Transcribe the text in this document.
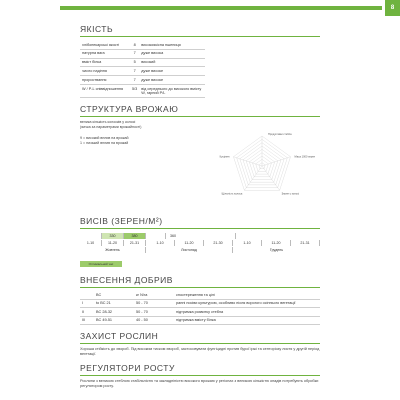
8
ЯКІСТЬ
хлібопекарські якості	8	високоякісна пшениця
натурна вага	7	дуже висока
вміст білка	5	високий
число падіння	7	дуже високе
пророствання	7	дуже високе
W / P-L співвідношення	5/3	від середнього до високого вмісту W, гарний P/L
СТРУКТУРА ВРОЖАЮ
велика кількість колосків у колосі
(яичка за параметрами врожайності)
9 = високий вплив на врожай
1 = низький вплив на врожай
Продуктивні стебла
Маса 1000 зерен
Зерен у колосі
Щільність колоса
Кущіння
ВИСІВ (ЗЕРЕН/М²)
330	380	360
1-10	11-20	21-31	1-10	11-20	21-30	1-10	11-20	21-31
Жовтень	Листопад	Грудень
Оптимальний час
ВНЕСЕННЯ ДОБРИВ
	BC	кг N/га	спостереження та цілі
I	to BC 21	50 - 70	ранні посіви культурою, особливо після ворогого осіннього вегетації
II	BC 28-32	50 - 70	підтримка розвитку стебла
III	BC 49-51	40 - 50	підтримка вмісту білка
ЗАХИСТ РОСЛИН
Хороша стійкість до хвороб. Під високим тиском хвороб, застосовувати фунгіцидні против бурої іржі та септоріозу листя у другій період вегетації.
РЕГУЛЯТОРИ РОСТУ
Рослини з великою стеблою стабільністю та закладніністю високого врожаю у регіонах з великою кількістю опадів потребують обробки регулятором росту.
